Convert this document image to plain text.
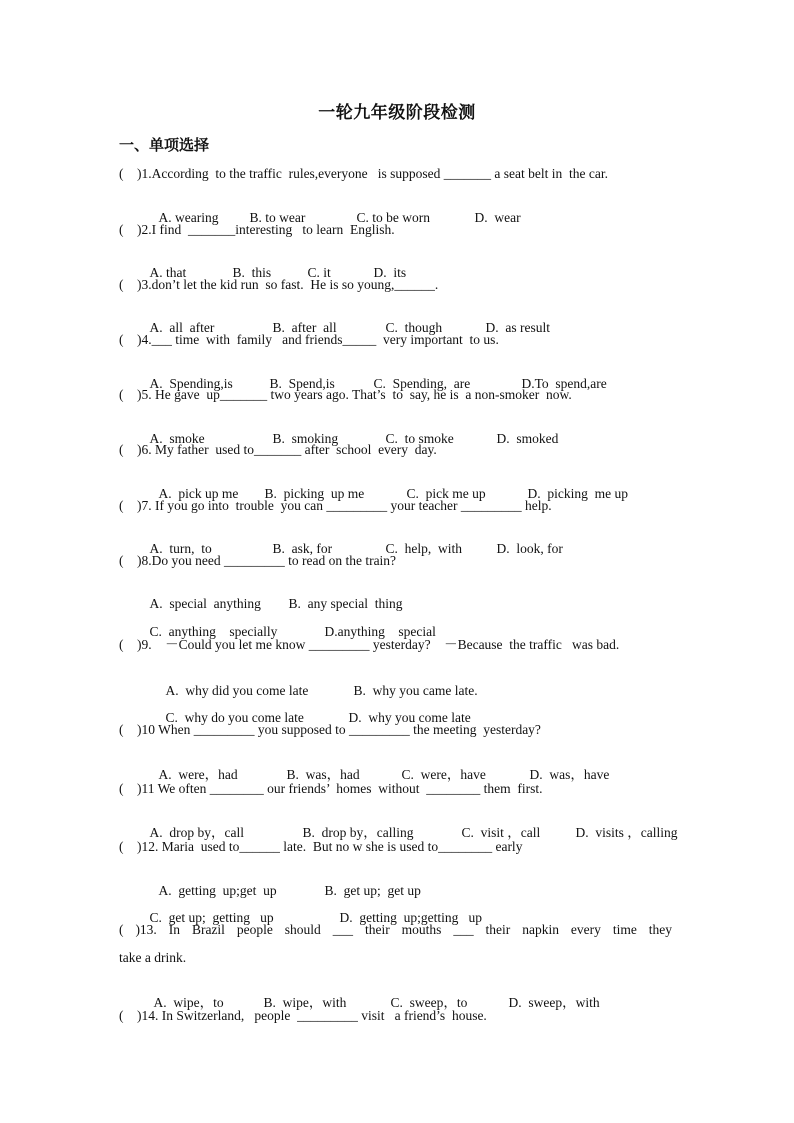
一轮九年级阶段检测
一、单项选择
(    )1.According  to the traffic  rules,everyone   is supposed _______ a seat belt in  the car.

A. wearing B. to wear	C. to be worn	D.  wear

(    )2.I find  _______interesting   to learn  English.

A. that	B.  this	C. it	D.  its

(    )3.don’t let the kid run  so fast.  He is so young,______.

A.  all  after	B.  after  all	C.  though	D.  as result

(    )4.___ time  with  family   and friends_____  very important  to us.

A.  Spending,is	B.  Spend,is	C.  Spending,  are	D.To  spend,are

(    )5. He gave  up_______ two years ago. That’s  to  say, he is  a non-smoker  now.

A.  smoke	B.  smoking	C.  to smoke	D.  smoked

(    )6. My father  used to_______ after  school  every  day.

A.  pick up me B.  picking  up me	C.  pick me up	D.  picking  me up

(    )7. If you go into  trouble  you can _________ your teacher _________ help.

A.  turn,  to	B.  ask, for	C.  help,  with	D.  look, for

(    )8.Do you need _________ to read on the train?

A.  special  anything B.  any special  thing

C.  anything    specially	D.anything    special

(    )9.    －Could you let me know _________ yesterday?    －Because  the traffic   was bad.

A.  why did you come late	B.  why you came late.

C.  why do you come late	D.  why you come late

(    )10 When _________ you supposed to _________ the meeting  yesterday?

A.  were，had	B.  was，had	C.  were，have	D.  was，have

(    )11 We often ________ our friends’  homes  without  ________ them  first.

A.  drop by，call	B.  drop by，calling	C.  visit ，call	D.  visits ，calling

(    )12. Maria  used to______ late.  But no w she is used to________ early

A.  getting  up;get  up	B.  get up;  get up

C.  get up;  getting   up	D.  getting  up;getting   up

( )13. In Brazil people should ___ their mouths ___ their napkin every time they
take a drink.

A.  wipe，to	B.  wipe，with	C.  sweep，to	D.  sweep，with

(    )14. In Switzerland,   people  _________ visit   a friend’s  house.
